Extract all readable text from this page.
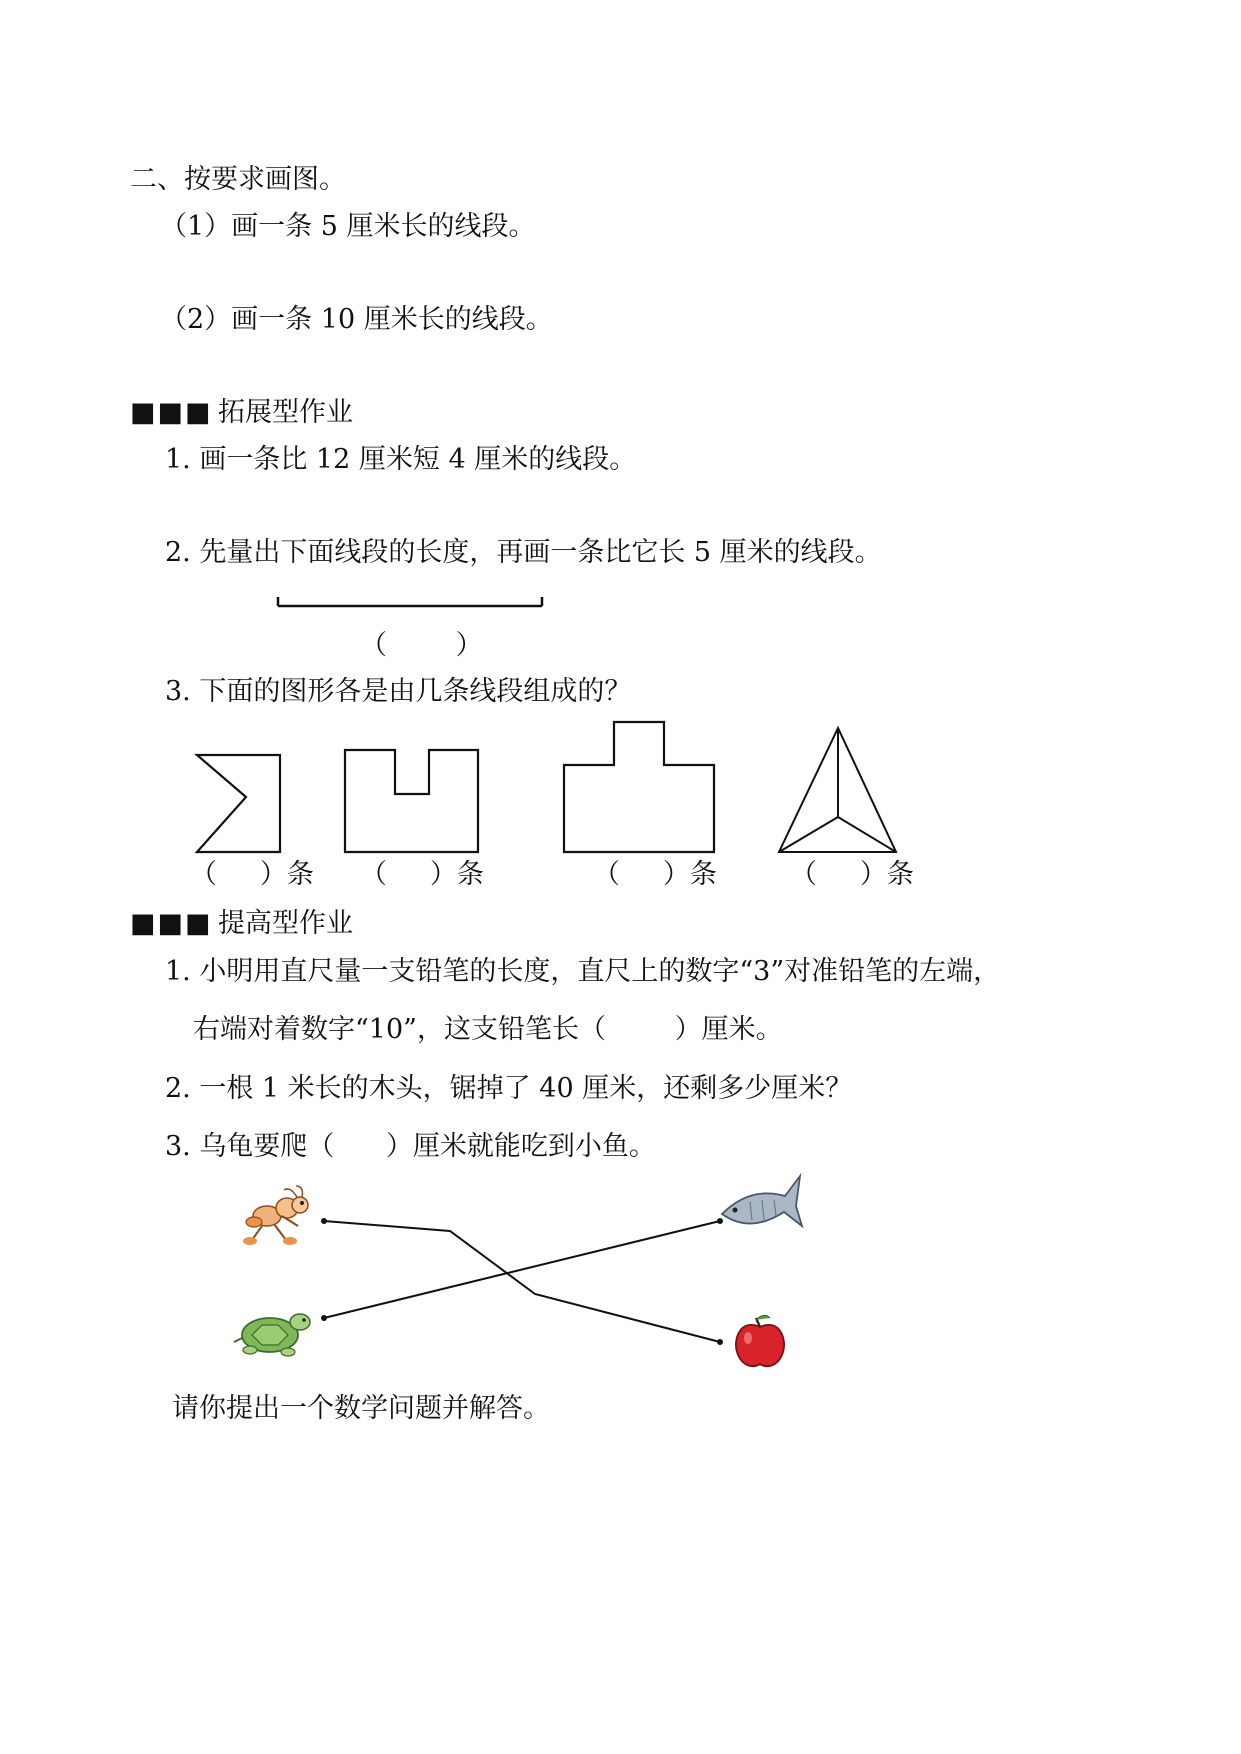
二、按要求画图。
（1）画一条 5 厘米长的线段。
（2）画一条 10 厘米长的线段。
■■■ 拓展型作业
1. 画一条比 12 厘米短 4 厘米的线段。
2. 先量出下面线段的长度，再画一条比它长 5 厘米的线段。
（        ）
3. 下面的图形各是由几条线段组成的？
（     ）条 （     ）条	（     ）条	（     ）条
■■■ 提高型作业
1. 小明用直尺量一支铅笔的长度，直尺上的数字“3”对准铅笔的左端，
右端对着数字“10”，这支铅笔长（        ）厘米。
2. 一根 1 米长的木头，锯掉了 40 厘米，还剩多少厘米？
3. 乌龟要爬（      ）厘米就能吃到小鱼。
请你提出一个数学问题并解答。
